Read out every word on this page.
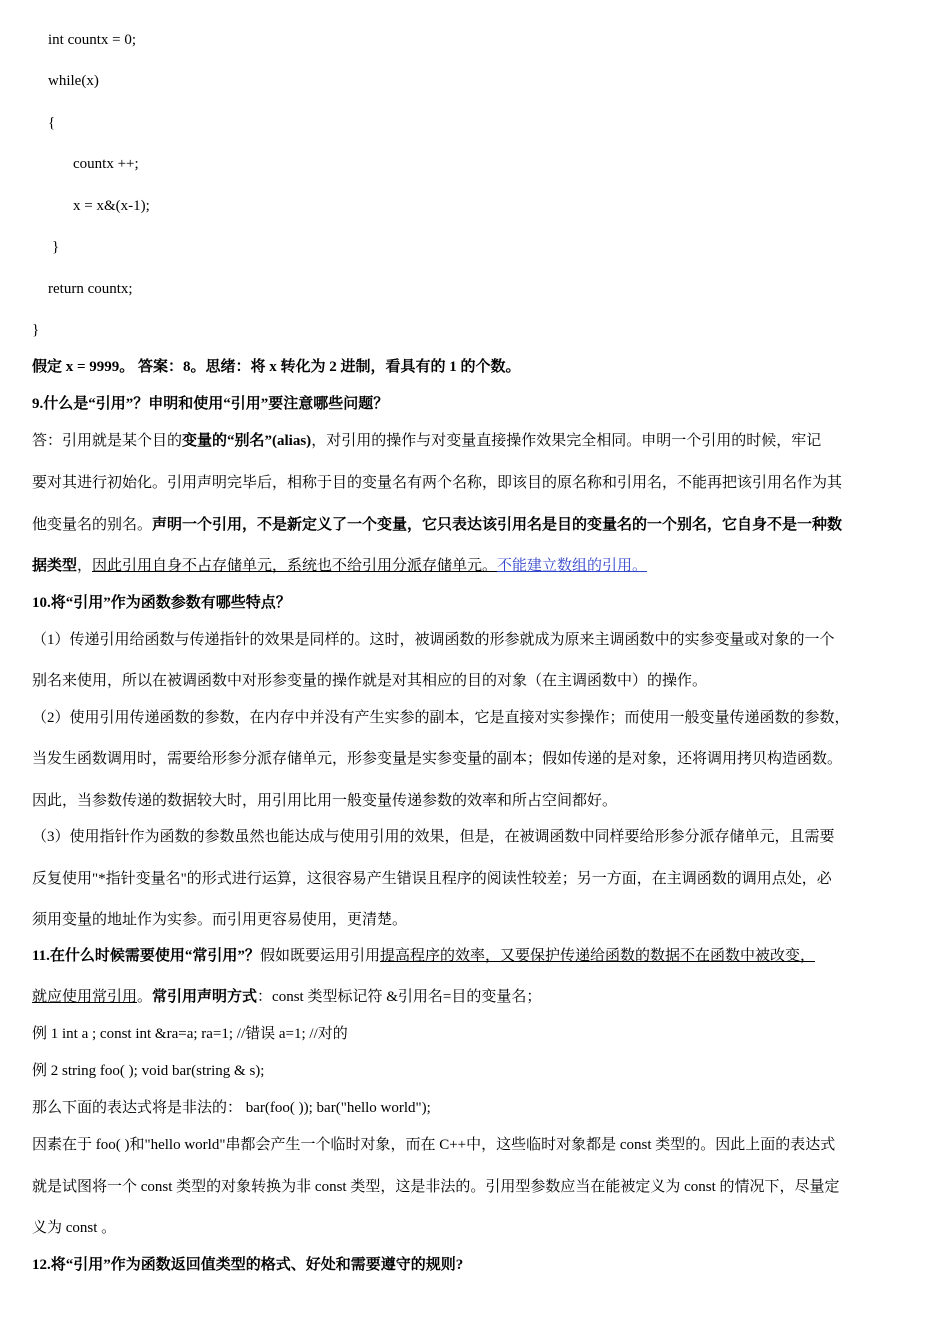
int countx = 0;
while(x)
{
countx ++;
x = x&(x-1);
}
return countx;
}
假定 x = 9999。 答案：8。思绪：将 x 转化为 2 进制，看具有的 1 的个数。
9.什么是“引用”？申明和使用“引用”要注意哪些问题？
答：引用就是某个目的变量的“别名”(alias)，对引用的操作与对变量直接操作效果完全相同。申明一个引用的时候，牢记
要对其进行初始化。引用声明完毕后，相称于目的变量名有两个名称，即该目的原名称和引用名，不能再把该引用名作为其
他变量名的别名。声明一个引用，不是新定义了一个变量，它只表达该引用名是目的变量名的一个别名，它自身不是一种数
据类型，因此引用自身不占存储单元，系统也不给引用分派存储单元。不能建立数组的引用。
10.将“引用”作为函数参数有哪些特点？
（1）传递引用给函数与传递指针的效果是同样的。这时，被调函数的形参就成为原来主调函数中的实参变量或对象的一个
别名来使用，所以在被调函数中对形参变量的操作就是对其相应的目的对象（在主调函数中）的操作。
（2）使用引用传递函数的参数，在内存中并没有产生实参的副本，它是直接对实参操作；而使用一般变量传递函数的参数，
当发生函数调用时，需要给形参分派存储单元，形参变量是实参变量的副本；假如传递的是对象，还将调用拷贝构造函数。
因此，当参数传递的数据较大时，用引用比用一般变量传递参数的效率和所占空间都好。
（3）使用指针作为函数的参数虽然也能达成与使用引用的效果，但是，在被调函数中同样要给形参分派存储单元，且需要
反复使用"*指针变量名"的形式进行运算，这很容易产生错误且程序的阅读性较差；另一方面，在主调函数的调用点处，必
须用变量的地址作为实参。而引用更容易使用，更清楚。
11.在什么时候需要使用“常引用”？假如既要运用引用提高程序的效率，又要保护传递给函数的数据不在函数中被改变，
就应使用常引用。常引用声明方式：const 类型标记符 &引用名=目的变量名；
例 1 int a ; const int &ra=a; ra=1; //错误 a=1; //对的
例 2 string foo( ); void bar(string & s);
那么下面的表达式将是非法的： bar(foo( )); bar("hello world");
因素在于 foo( )和"hello world"串都会产生一个临时对象，而在 C++中，这些临时对象都是 const 类型的。因此上面的表达式
就是试图将一个 const 类型的对象转换为非 const 类型，这是非法的。引用型参数应当在能被定义为 const 的情况下，尽量定
义为 const 。
12.将“引用”作为函数返回值类型的格式、好处和需要遵守的规则?
